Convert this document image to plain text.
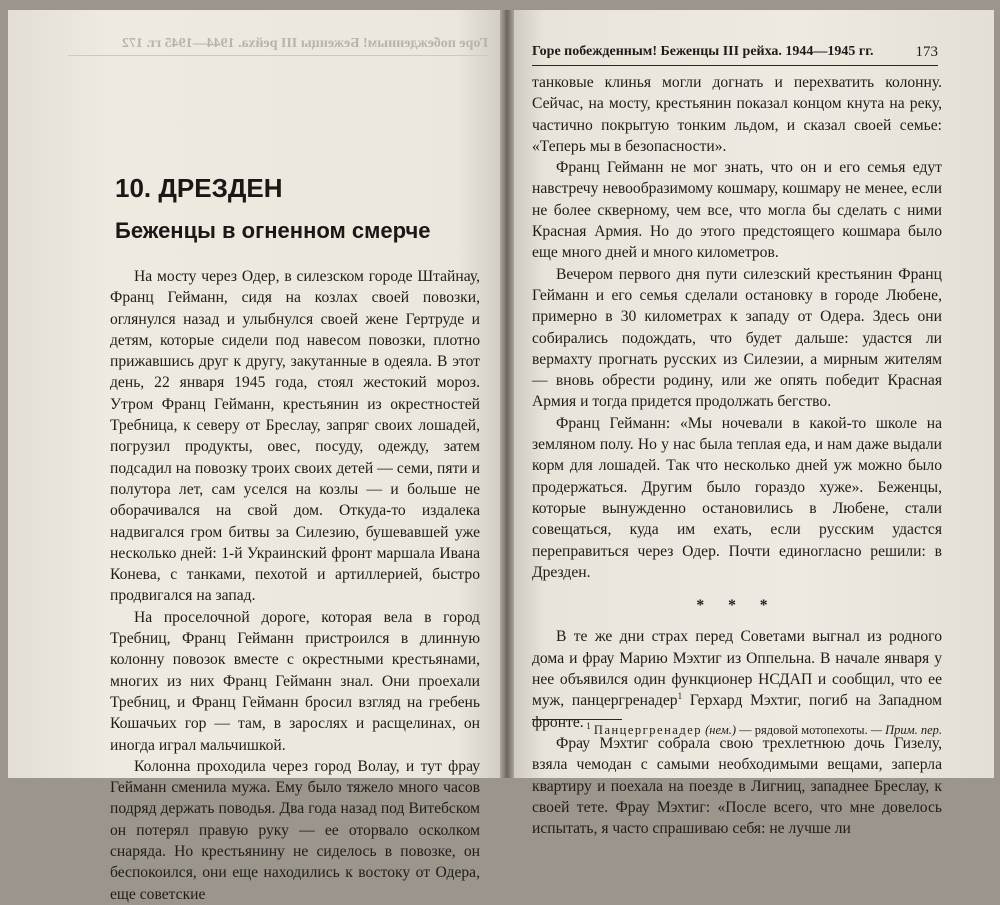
Горе побежденным! Беженцы III рейха. 1944—1945 гг. 172
10. ДРЕЗДЕН
Беженцы в огненном смерче

На мосту через Одер, в силезском городе Штайнау, Франц Гейманн, сидя на козлах своей повозки, оглянулся назад и улыбнулся своей жене Гертруде и детям, которые сидели под навесом повозки, плотно прижавшись друг к другу, закутанные в одеяла. В этот день, 22 января 1945 года, стоял жестокий мороз. Утром Франц Гейманн, крестьянин из окрестностей Требница, к северу от Бреслау, запряг своих лошадей, погрузил продукты, овес, посуду, одежду, затем подсадил на повозку троих своих детей — семи, пяти и полутора лет, сам уселся на козлы — и больше не оборачивался на свой дом. Откуда-то издалека надвигался гром битвы за Силезию, бушевавшей уже несколько дней: 1-й Украинский фронт маршала Ивана Конева, с танками, пехотой и артиллерией, быстро продвигался на запад.

На проселочной дороге, которая вела в город Требниц, Франц Гейманн пристроился в длинную колонну повозок вместе с окрестными крестьянами, многих из них Франц Гейманн знал. Они проехали Требниц, и Франц Гейманн бросил взгляд на гребень Кошачьих гор — там, в зарослях и расщелинах, он иногда играл мальчишкой.

Колонна проходила через город Волау, и тут фрау Гейманн сменила мужа. Ему было тяжело много часов подряд держать поводья. Два года назад под Витебском он потерял правую руку — ее оторвало осколком снаряда. Но крестьянину не сиделось в повозке, он беспокоился, они еще находились к востоку от Одера, еще советские

Горе побежденным! Беженцы III рейха. 1944—1945 гг.	173

танковые клинья могли догнать и перехватить колонну. Сейчас, на мосту, крестьянин показал концом кнута на реку, частично покрытую тонким льдом, и сказал своей семье: «Теперь мы в безопасности».

Франц Гейманн не мог знать, что он и его семья едут навстречу невообразимому кошмару, кошмару не менее, если не более скверному, чем все, что могла бы сделать с ними Красная Армия. Но до этого предстоящего кошмара было еще много дней и много километров.

Вечером первого дня пути силезский крестьянин Франц Гейманн и его семья сделали остановку в городе Любене, примерно в 30 километрах к западу от Одера. Здесь они собирались подождать, что будет дальше: удастся ли вермахту прогнать русских из Силезии, а мирным жителям — вновь обрести родину, или же опять победит Красная Армия и тогда придется продолжать бегство.

Франц Гейманн: «Мы ночевали в какой-то школе на земляном полу. Но у нас была теплая еда, и нам даже выдали корм для лошадей. Так что несколько дней уж можно было продержаться. Другим было гораздо хуже». Беженцы, которые вынужденно остановились в Любене, стали совещаться, куда им ехать, если русским удастся переправиться через Одер. Почти единогласно решили: в Дрезден.

* * *

В те же дни страх перед Советами выгнал из родного дома и фрау Марию Мэхтиг из Оппельна. В начале января у нее объявился один функционер НСДАП и сообщил, что ее муж, панцергренадер$^1$ Герхард Мэхтиг, погиб на Западном фронте.

Фрау Мэхтиг собрала свою трехлетнюю дочь Гизелу, взяла чемодан с самыми необходимыми вещами, заперла квартиру и поехала на поезде в Лигниц, западнее Бреслау, к своей тете. Фрау Мэхтиг: «После всего, что мне довелось испытать, я часто спрашиваю себя: не лучше ли

$^1$ Панцергренадер (нем.) — рядовой мотопехоты. — Прим. пер.
